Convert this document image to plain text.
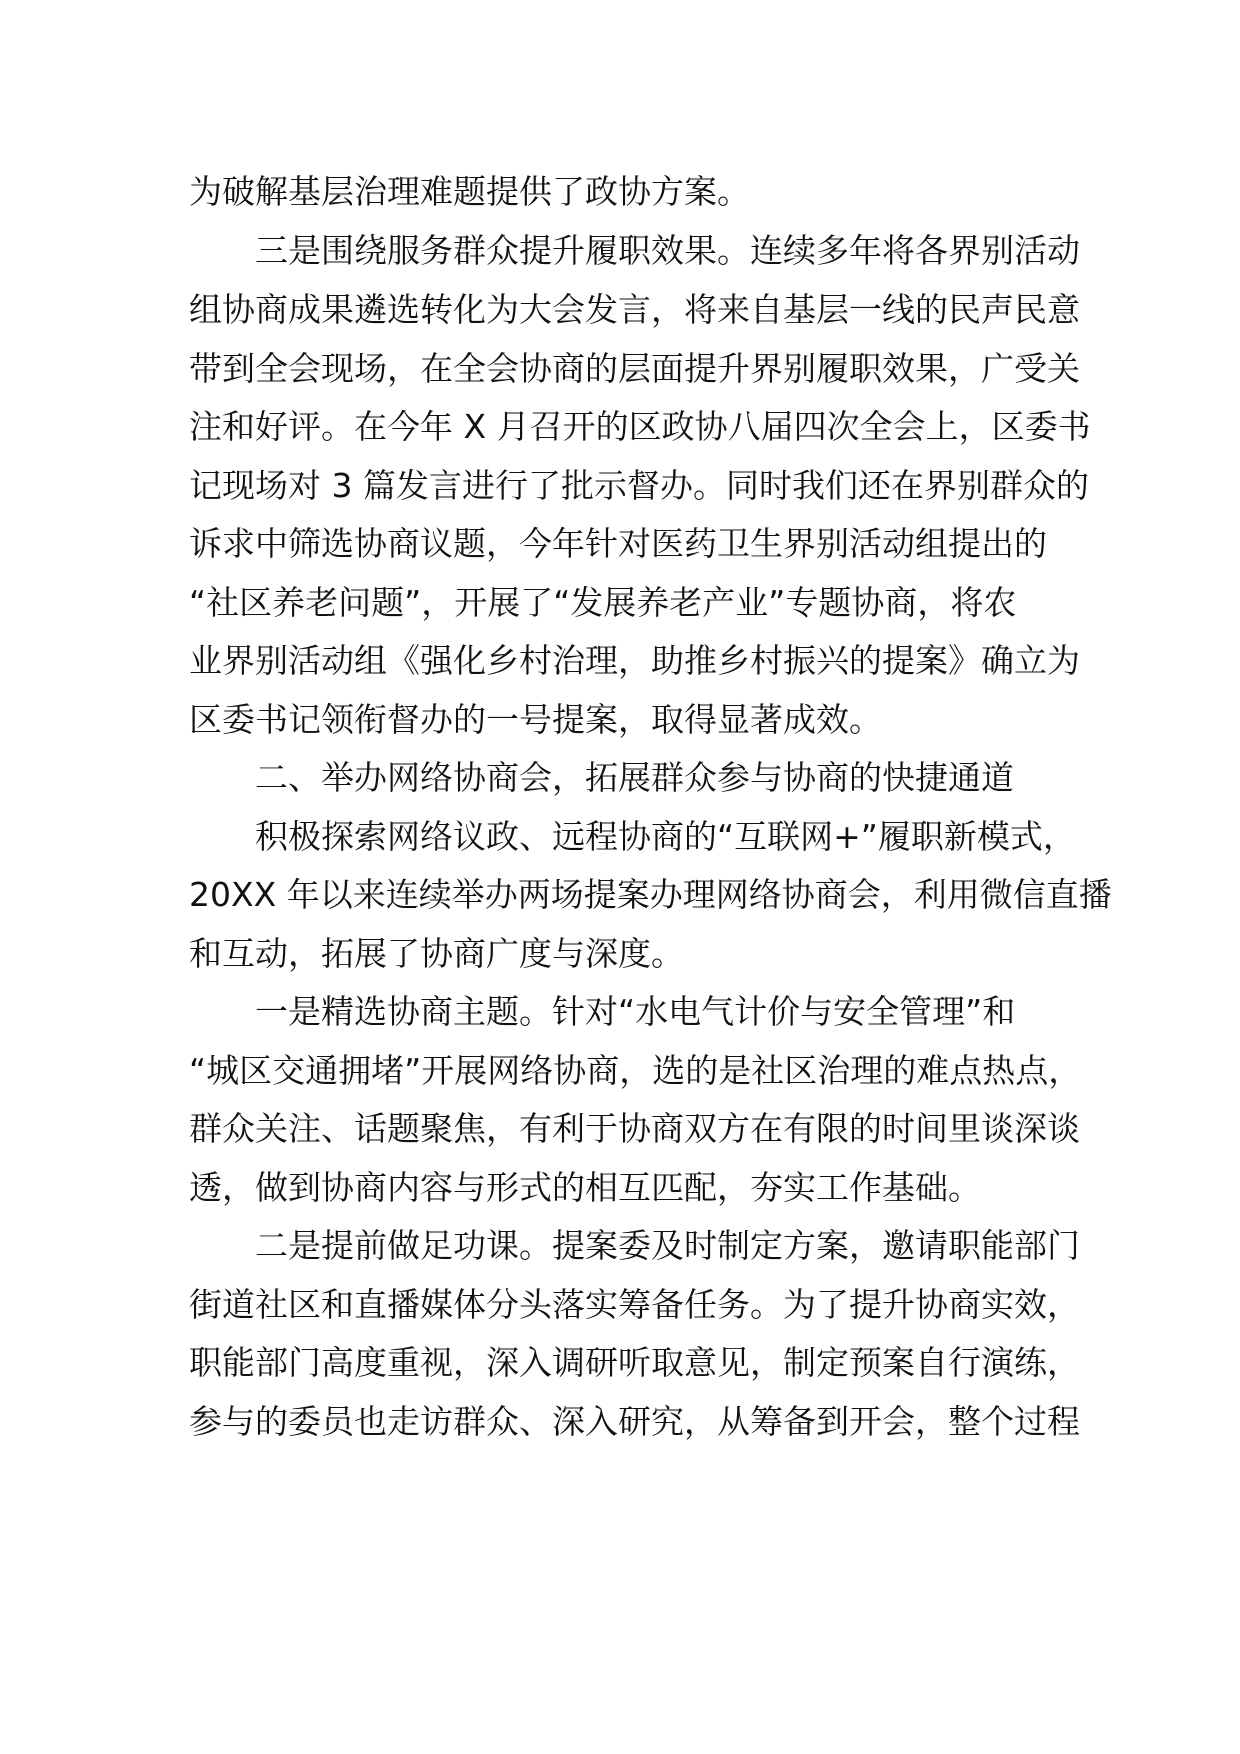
为破解基层治理难题提供了政协方案。
三是围绕服务群众提升履职效果。连续多年将各界别活动
组协商成果遴选转化为大会发言，将来自基层一线的民声民意
带到全会现场，在全会协商的层面提升界别履职效果，广受关
注和好评。在今年 X 月召开的区政协八届四次全会上，区委书
记现场对 3 篇发言进行了批示督办。同时我们还在界别群众的
诉求中筛选协商议题，今年针对医药卫生界别活动组提出的
“社区养老问题”，开展了“发展养老产业”专题协商，将农
业界别活动组《强化乡村治理，助推乡村振兴的提案》确立为
区委书记领衔督办的一号提案，取得显著成效。
二、举办网络协商会，拓展群众参与协商的快捷通道
积极探索网络议政、远程协商的“互联网+”履职新模式，
20XX 年以来连续举办两场提案办理网络协商会，利用微信直播
和互动，拓展了协商广度与深度。
一是精选协商主题。针对“水电气计价与安全管理”和
“城区交通拥堵”开展网络协商，选的是社区治理的难点热点，
群众关注、话题聚焦，有利于协商双方在有限的时间里谈深谈
透，做到协商内容与形式的相互匹配，夯实工作基础。
二是提前做足功课。提案委及时制定方案，邀请职能部门
街道社区和直播媒体分头落实筹备任务。为了提升协商实效，
职能部门高度重视，深入调研听取意见，制定预案自行演练，
参与的委员也走访群众、深入研究，从筹备到开会，整个过程
